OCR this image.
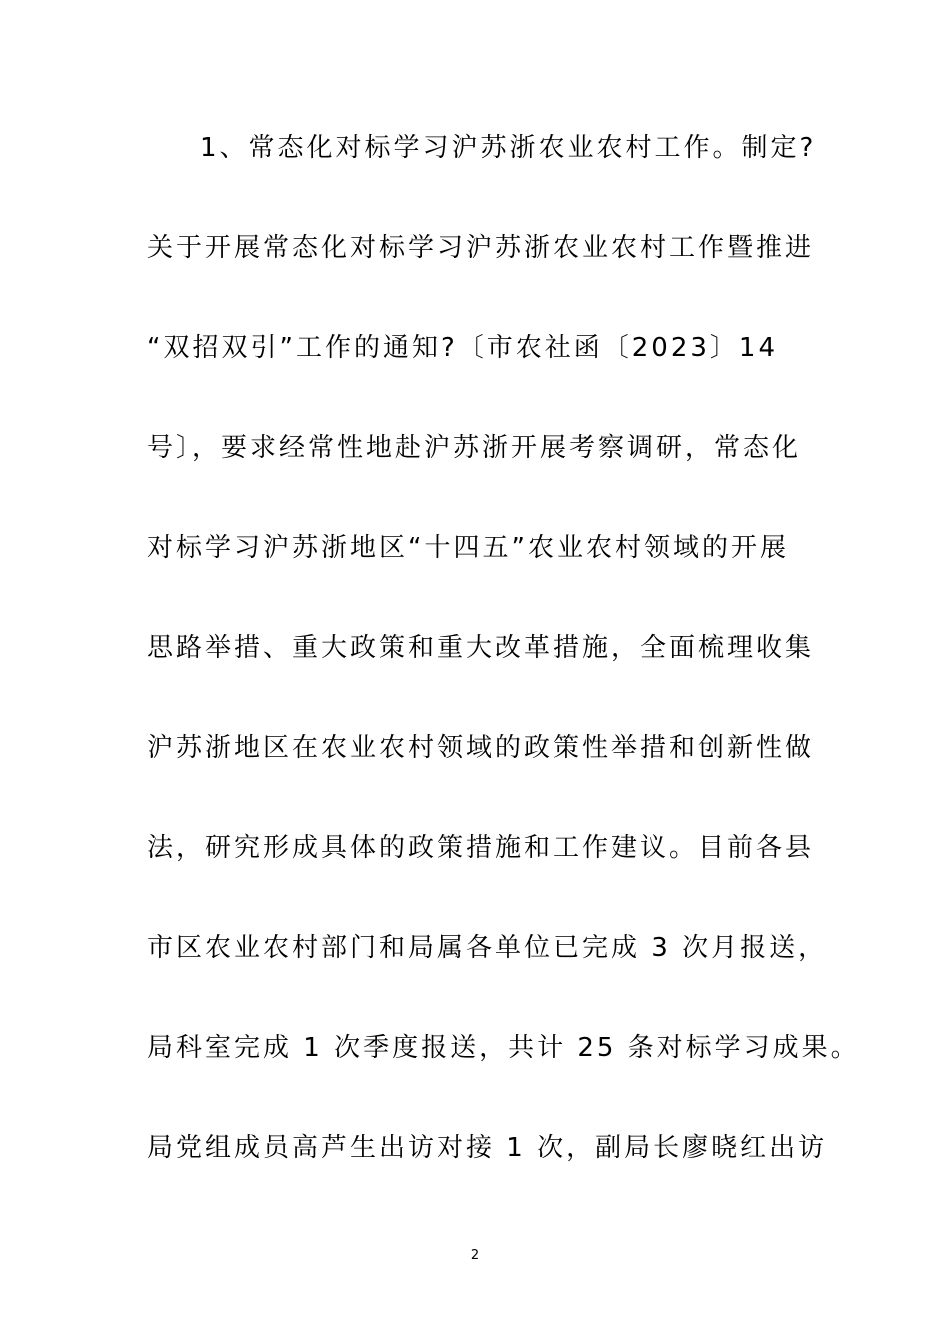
1、常态化对标学习沪苏浙农业农村工作。制定?
关于开展常态化对标学习沪苏浙农业农村工作暨推进
“双招双引”工作的通知?〔市农社函〔2023〕14
号〕，要求经常性地赴沪苏浙开展考察调研，常态化
对标学习沪苏浙地区“十四五”农业农村领域的开展
思路举措、重大政策和重大改革措施，全面梳理收集
沪苏浙地区在农业农村领域的政策性举措和创新性做
法，研究形成具体的政策措施和工作建议。目前各县
市区农业农村部门和局属各单位已完成 3 次月报送，
局科室完成 1 次季度报送，共计 25 条对标学习成果。
局党组成员高芦生出访对接 1 次，副局长廖晓红出访
2
